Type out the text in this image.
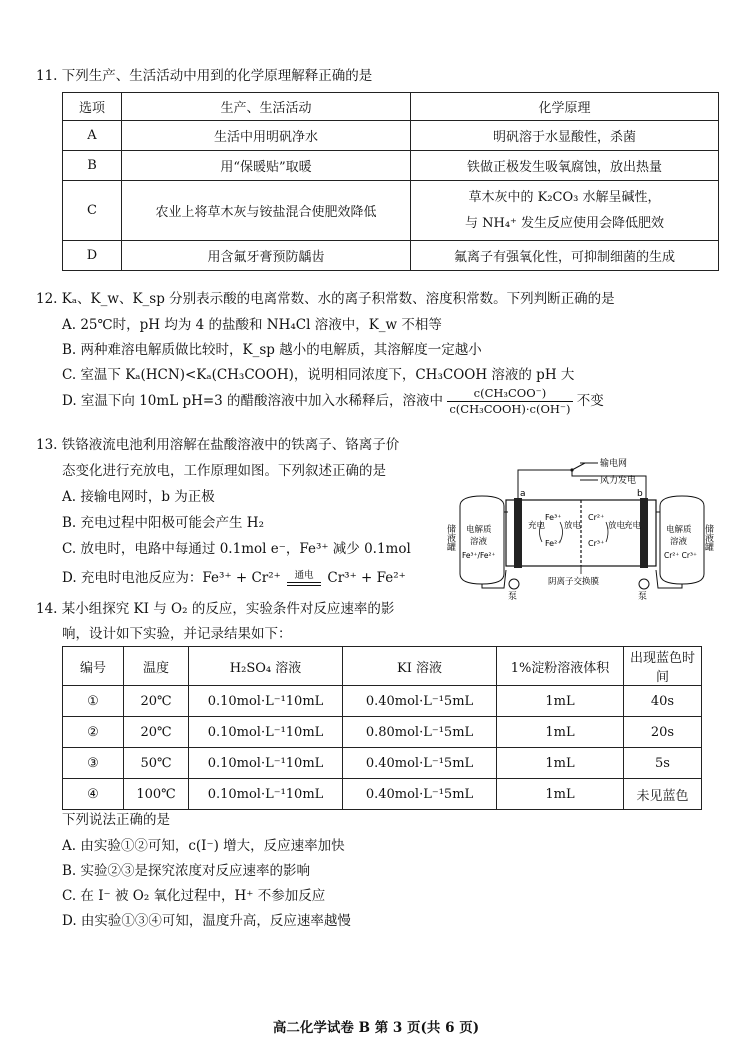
11. 下列生产、生活活动中用到的化学原理解释正确的是
选项	生产、生活活动	化学原理
A	生活中用明矾净水	明矾溶于水显酸性，杀菌
B	用“保暖贴”取暖	铁做正极发生吸氧腐蚀，放出热量
C	农业上将草木灰与铵盐混合使肥效降低	草木灰中的 K₂CO₃ 水解呈碱性，
与 NH₄⁺ 发生反应使用会降低肥效

D	用含氟牙膏预防龋齿	氟离子有强氧化性，可抑制细菌的生成
12. Kₐ、K_w、K_sp 分别表示酸的电离常数、水的离子积常数、溶度积常数。下列判断正确的是
A. 25℃时，pH 均为 4 的盐酸和 NH₄Cl 溶液中，K_w 不相等
B. 两种难溶电解质做比较时，K_sp 越小的电解质，其溶解度一定越小
C. 室温下 Kₐ(HCN)<Kₐ(CH₃COOH)，说明相同浓度下，CH₃COOH 溶液的 pH 大
D. 室温下向 10mL pH=3 的醋酸溶液中加入水稀释后，溶液中 $\frac{\text{c(CH₃COO⁻)}}{\text{c(CH₃COOH)·c(OH⁻)}}$ 不变
13. 铁铬液流电池利用溶解在盐酸溶液中的铁离子、铬离子价
态变化进行充放电，工作原理如图。下列叙述正确的是
A. 接输电网时，b 为正极
B. 充电过程中阳极可能会产生 H₂
C. 放电时，电路中每通过 0.1mol e⁻，Fe³⁺ 减少 0.1mol
D. 充电时电池反应为：Fe³⁺ + Cr²⁺	通电	Cr³⁺ + Fe²⁺
输电网
风力发电
a	b
充电
Fe³⁺
Fe²⁺
放电
Cr²⁺
Cr³⁺
放电
充电
储液罐 电解质
溶液
Fe³⁺/Fe²⁺
储液罐
电解质
溶液
Cr²⁺ Cr³⁺
泵	泵
阴离子交换膜
14. 某小组探究 KI 与 O₂ 的反应，实验条件对反应速率的影
响，设计如下实验，并记录结果如下：
编号	温度	H₂SO₄ 溶液	KI 溶液	1%淀粉溶液体积	出现蓝色时间
①	20℃	0.10mol·L⁻¹10mL	0.40mol·L⁻¹5mL	1mL	40s
②	20℃	0.10mol·L⁻¹10mL	0.80mol·L⁻¹5mL	1mL	20s
③	50℃	0.10mol·L⁻¹10mL	0.40mol·L⁻¹5mL	1mL	5s
④	100℃	0.10mol·L⁻¹10mL	0.40mol·L⁻¹5mL	1mL	未见蓝色
下列说法正确的是
A. 由实验①②可知，c(I⁻) 增大，反应速率加快
B. 实验②③是探究浓度对反应速率的影响
C. 在 I⁻ 被 O₂ 氧化过程中，H⁺ 不参加反应
D. 由实验①③④可知，温度升高，反应速率越慢
高二化学试卷 B 第 3 页(共 6 页)
